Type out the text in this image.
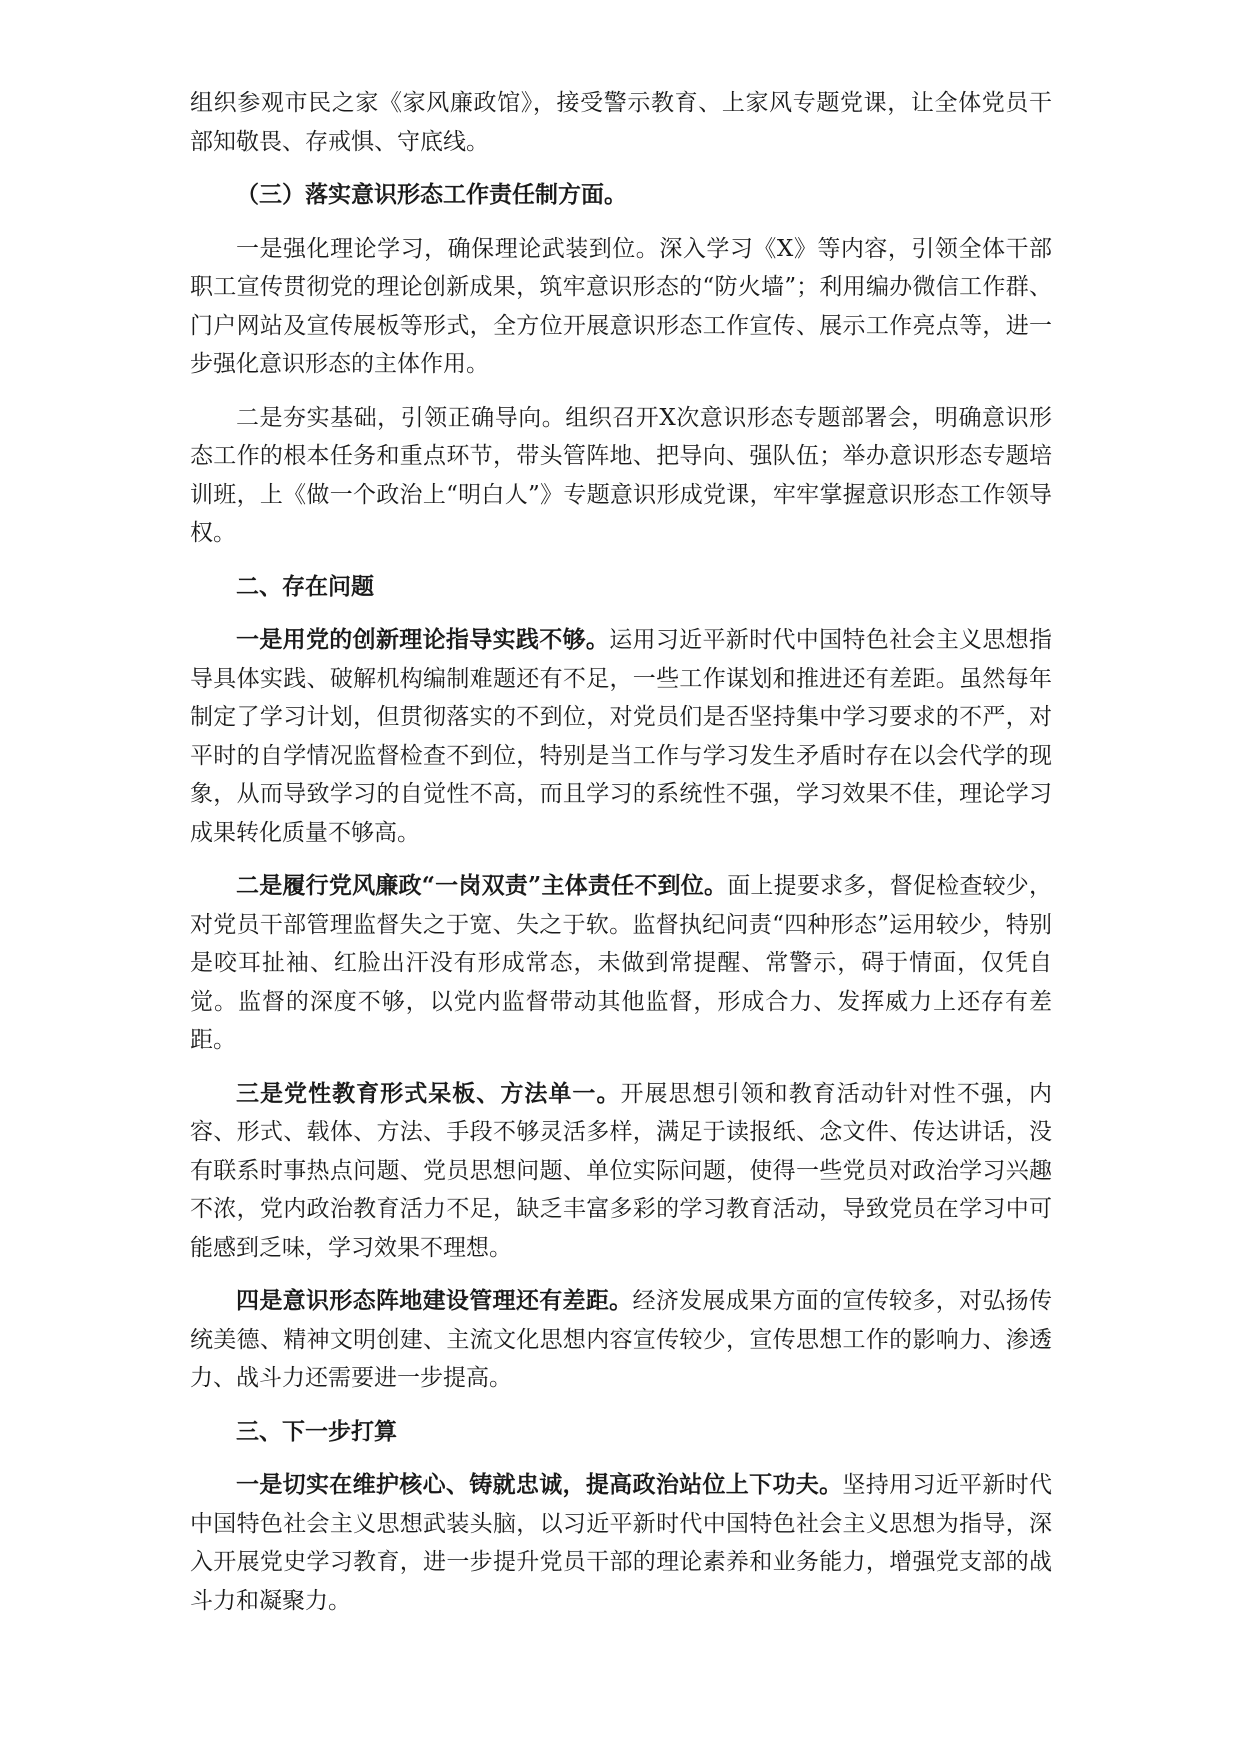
组织参观市民之家《家风廉政馆》，接受警示教育、上家风专题党课，让全体党员干部知敬畏、存戒惧、守底线。

（三）落实意识形态工作责任制方面。

一是强化理论学习，确保理论武装到位。深入学习《X》等内容，引领全体干部职工宣传贯彻党的理论创新成果，筑牢意识形态的“防火墙”；利用编办微信工作群、门户网站及宣传展板等形式，全方位开展意识形态工作宣传、展示工作亮点等，进一步强化意识形态的主体作用。

二是夯实基础，引领正确导向。组织召开X次意识形态专题部署会，明确意识形态工作的根本任务和重点环节，带头管阵地、把导向、强队伍；举办意识形态专题培训班，上《做一个政治上“明白人”》专题意识形成党课，牢牢掌握意识形态工作领导权。

二、存在问题

一是用党的创新理论指导实践不够。运用习近平新时代中国特色社会主义思想指导具体实践、破解机构编制难题还有不足，一些工作谋划和推进还有差距。虽然每年制定了学习计划，但贯彻落实的不到位，对党员们是否坚持集中学习要求的不严，对平时的自学情况监督检查不到位，特别是当工作与学习发生矛盾时存在以会代学的现象，从而导致学习的自觉性不高，而且学习的系统性不强，学习效果不佳，理论学习成果转化质量不够高。

二是履行党风廉政“一岗双责”主体责任不到位。面上提要求多，督促检查较少，对党员干部管理监督失之于宽、失之于软。监督执纪问责“四种形态”运用较少，特别是咬耳扯袖、红脸出汗没有形成常态，未做到常提醒、常警示，碍于情面，仅凭自觉。监督的深度不够，以党内监督带动其他监督，形成合力、发挥威力上还存有差距。

三是党性教育形式呆板、方法单一。开展思想引领和教育活动针对性不强，内容、形式、载体、方法、手段不够灵活多样，满足于读报纸、念文件、传达讲话，没有联系时事热点问题、党员思想问题、单位实际问题，使得一些党员对政治学习兴趣不浓，党内政治教育活力不足，缺乏丰富多彩的学习教育活动，导致党员在学习中可能感到乏味，学习效果不理想。

四是意识形态阵地建设管理还有差距。经济发展成果方面的宣传较多，对弘扬传统美德、精神文明创建、主流文化思想内容宣传较少，宣传思想工作的影响力、渗透力、战斗力还需要进一步提高。

三、下一步打算

一是切实在维护核心、铸就忠诚，提高政治站位上下功夫。坚持用习近平新时代中国特色社会主义思想武装头脑，以习近平新时代中国特色社会主义思想为指导，深入开展党史学习教育，进一步提升党员干部的理论素养和业务能力，增强党支部的战斗力和凝聚力。
